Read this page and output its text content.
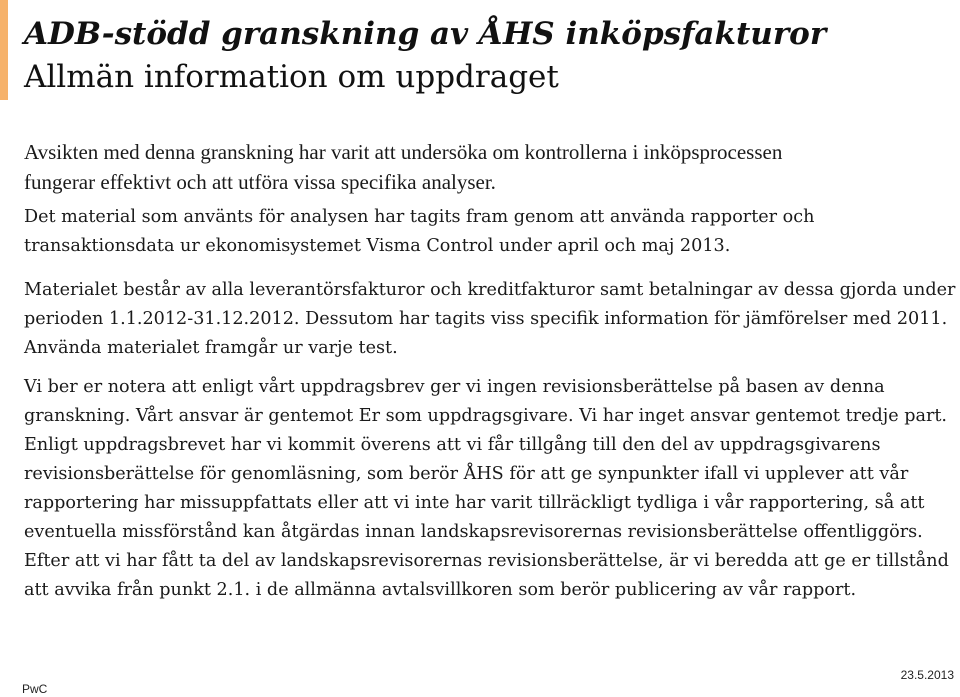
ADB-stödd granskning av ÅHS inköpsfakturor
Allmän information om uppdraget

Avsikten med denna granskning har varit att undersöka om kontrollerna i inköpsprocessen fungerar effektivt och att utföra vissa specifika analyser.

Det material som använts för analysen har tagits fram genom att använda rapporter och transaktionsdata ur ekonomisystemet Visma Control under april och maj 2013.

Materialet består av alla leverantörsfakturor och kreditfakturor samt betalningar av dessa gjorda under perioden 1.1.2012-31.12.2012. Dessutom har tagits viss specifik information för jämförelser med 2011. Använda materialet framgår ur varje test.

Vi ber er notera att enligt vårt uppdragsbrev ger vi ingen revisionsberättelse på basen av denna granskning. Vårt ansvar är gentemot Er som uppdragsgivare. Vi har inget ansvar gentemot tredje part. Enligt uppdragsbrevet har vi kommit överens att vi får tillgång till den del av uppdragsgivarens revisionsberättelse för genomläsning, som berör ÅHS för att ge synpunkter ifall vi upplever att vår rapportering har missuppfattats eller att vi inte har varit tillräckligt tydliga i vår rapportering, så att eventuella missförstånd kan åtgärdas innan landskapsrevisorernas revisionsberättelse offentliggörs. Efter att vi har fått ta del av landskapsrevisorernas revisionsberättelse, är vi beredda att ge er tillstånd att avvika från punkt 2.1. i de allmänna avtalsvillkoren som berör publicering av vår rapport.

PwC
23.5.2013
